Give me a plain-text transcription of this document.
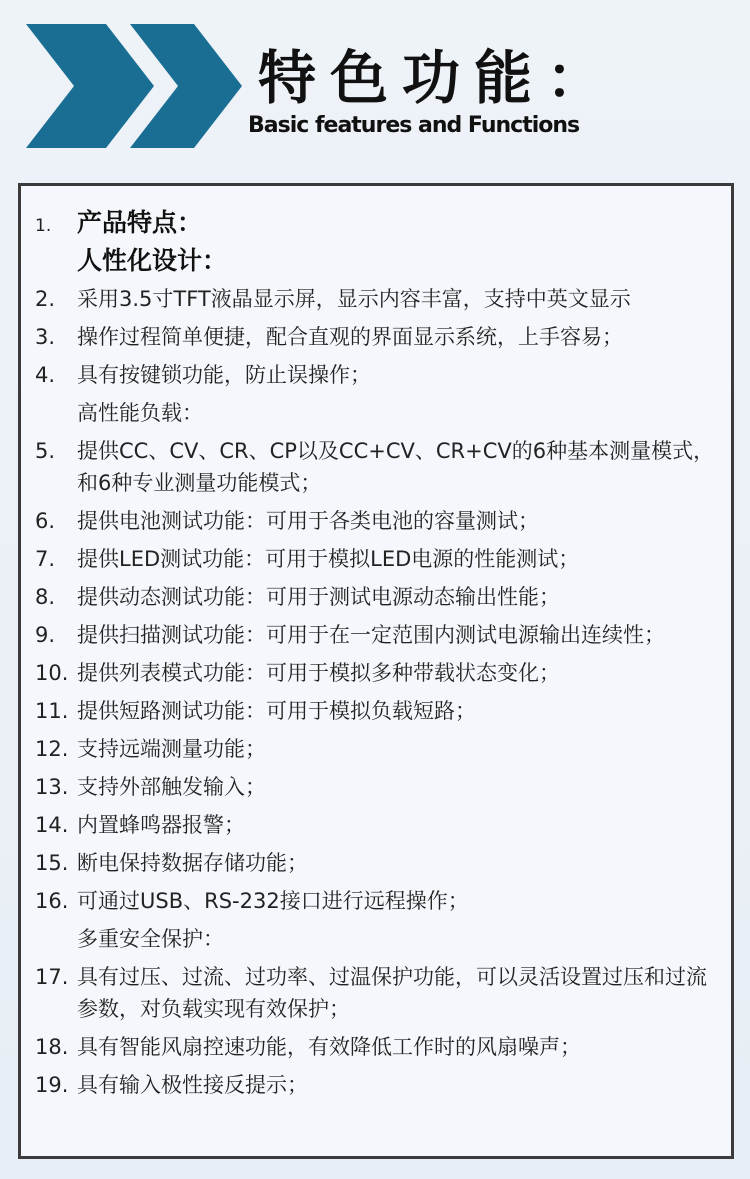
特色功能：
Basic features and Functions
1.	产品特点：
人性化设计：
2.	采用3.5寸TFT液晶显示屏，显示内容丰富，支持中英文显示
3.	操作过程简单便捷，配合直观的界面显示系统，上手容易；
4.	具有按键锁功能，防止误操作；
高性能负载：
5.	提供CC、CV、CR、CP以及CC+CV、CR+CV的6种基本测量模式，和6种专业测量功能模式；
6.	提供电池测试功能：可用于各类电池的容量测试；
7.	提供LED测试功能：可用于模拟LED电源的性能测试；
8.	提供动态测试功能：可用于测试电源动态输出性能；
9.	提供扫描测试功能：可用于在一定范围内测试电源输出连续性；
10. 提供列表模式功能：可用于模拟多种带载状态变化；
11. 提供短路测试功能：可用于模拟负载短路；
12. 支持远端测量功能；
13. 支持外部触发输入；
14. 内置蜂鸣器报警；
15. 断电保持数据存储功能；
16. 可通过USB、RS-232接口进行远程操作；
多重安全保护：
17. 具有过压、过流、过功率、过温保护功能，可以灵活设置过压和过流参数，对负载实现有效保护；
18. 具有智能风扇控速功能，有效降低工作时的风扇噪声；
19. 具有输入极性接反提示；
